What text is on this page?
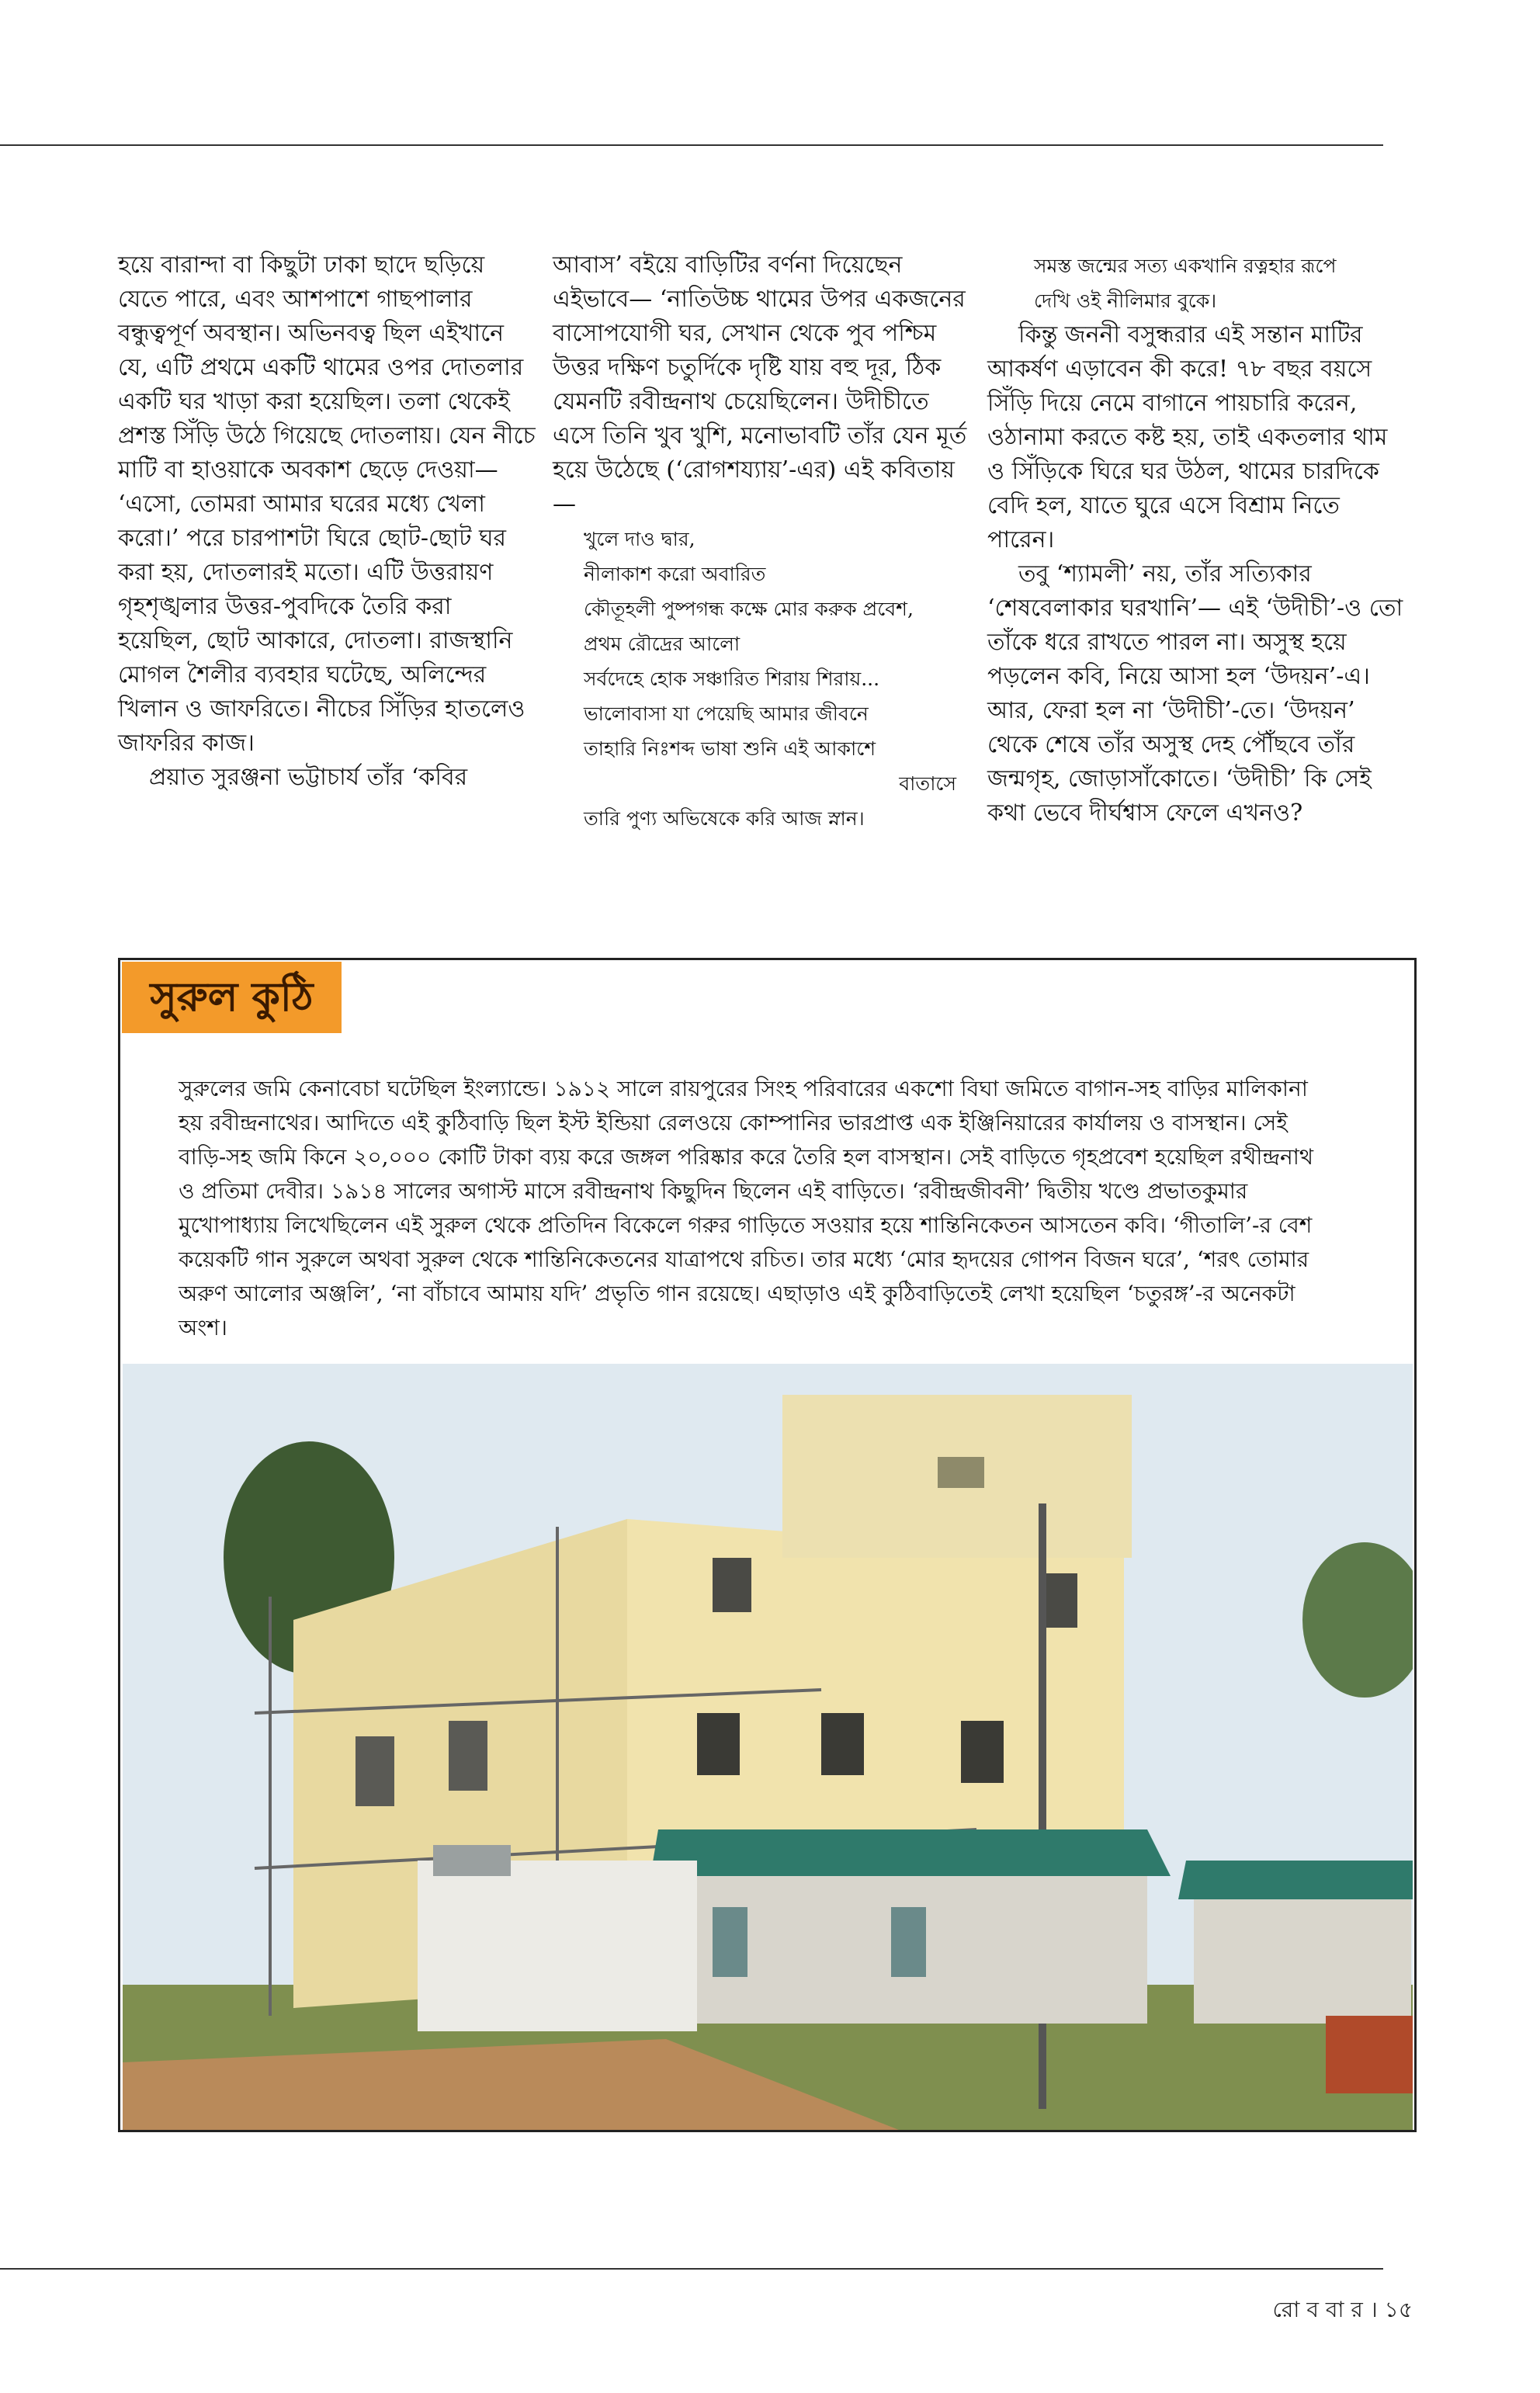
হয়ে বারান্দা বা কিছুটা ঢাকা ছাদে ছড়িয়ে যেতে পারে, এবং আশপাশে গাছপালার বন্ধুত্বপূর্ণ অবস্থান। অভিনবত্ব ছিল এইখানে যে, এটি প্রথমে একটি থামের ওপর দোতলার একটি ঘর খাড়া করা হয়েছিল। তলা থেকেই প্রশস্ত সিঁড়ি উঠে গিয়েছে দোতলায়। যেন নীচে মাটি বা হাওয়াকে অবকাশ ছেড়ে দেওয়া— ‘এসো, তোমরা আমার ঘরের মধ্যে খেলা করো।’ পরে চারপাশটা ঘিরে ছোট-ছোট ঘর করা হয়, দোতলারই মতো। এটি উত্তরায়ণ গৃহশৃঙ্খলার উত্তর-পুবদিকে তৈরি করা হয়েছিল, ছোট আকারে, দোতলা। রাজস্থানি মোগল শৈলীর ব্যবহার ঘটেছে, অলিন্দের খিলান ও জাফরিতে। নীচের সিঁড়ির হাতলেও জাফরির কাজ।

প্রয়াত সুরঞ্জনা ভট্টাচার্য তাঁর ‘কবির

আবাস’ বইয়ে বাড়িটির বর্ণনা দিয়েছেন এইভাবে— ‘নাতিউচ্চ থামের উপর একজনের বাসোপযোগী ঘর, সেখান থেকে পুব পশ্চিম উত্তর দক্ষিণ চতুর্দিকে দৃষ্টি যায় বহু দূর, ঠিক যেমনটি রবীন্দ্রনাথ চেয়েছিলেন। উদীচীতে এসে তিনি খুব খুশি, মনোভাবটি তাঁর যেন মূর্ত হয়ে উঠেছে (‘রোগশয্যায়’-এর) এই কবিতায়—

খুলে দাও দ্বার,
নীলাকাশ করো অবারিত
কৌতূহলী পুষ্পগন্ধ কক্ষে মোর করুক প্রবেশ,
প্রথম রৌদ্রের আলো
সর্বদেহে হোক সঞ্চারিত শিরায় শিরায়...
ভালোবাসা যা পেয়েছি আমার জীবনে
তাহারি নিঃশব্দ ভাষা শুনি এই আকাশে
বাতাসে
তারি পুণ্য অভিষেকে করি আজ স্নান।
সমস্ত জন্মের সত্য একখানি রত্নহার রূপে
দেখি ওই নীলিমার বুকে।

কিন্তু জননী বসুন্ধরার এই সন্তান মাটির আকর্ষণ এড়াবেন কী করে! ৭৮ বছর বয়সে সিঁড়ি দিয়ে নেমে বাগানে পায়চারি করেন, ওঠানামা করতে কষ্ট হয়, তাই একতলার থাম ও সিঁড়িকে ঘিরে ঘর উঠল, থামের চারদিকে বেদি হল, যাতে ঘুরে এসে বিশ্রাম নিতে পারেন।

তবু ‘শ্যামলী’ নয়, তাঁর সত্যিকার ‘শেষবেলাকার ঘরখানি’— এই ‘উদীচী’-ও তো তাঁকে ধরে রাখতে পারল না। অসুস্থ হয়ে পড়লেন কবি, নিয়ে আসা হল ‘উদয়ন’-এ। আর, ফেরা হল না ‘উদীচী’-তে। ‘উদয়ন’ থেকে শেষে তাঁর অসুস্থ দেহ পৌঁছবে তাঁর জন্মগৃহ, জোড়াসাঁকোতে। ‘উদীচী’ কি সেই কথা ভেবে দীর্ঘশ্বাস ফেলে এখনও?

সুরুল কুঠি
সুরুলের জমি কেনাবেচা ঘটেছিল ইংল্যান্ডে। ১৯১২ সালে রায়পুরের সিংহ পরিবারের একশো বিঘা জমিতে বাগান-সহ বাড়ির মালিকানা হয় রবীন্দ্রনাথের। আদিতে এই কুঠিবাড়ি ছিল ইস্ট ইন্ডিয়া রেলওয়ে কোম্পানির ভারপ্রাপ্ত এক ইঞ্জিনিয়ারের কার্যালয় ও বাসস্থান। সেই বাড়ি-সহ জমি কিনে ২০,০০০ কোটি টাকা ব্যয় করে জঙ্গল পরিষ্কার করে তৈরি হল বাসস্থান। সেই বাড়িতে গৃহপ্রবেশ হয়েছিল রথীন্দ্রনাথ ও প্রতিমা দেবীর। ১৯১৪ সালের অগাস্ট মাসে রবীন্দ্রনাথ কিছুদিন ছিলেন এই বাড়িতে। ‘রবীন্দ্রজীবনী’ দ্বিতীয় খণ্ডে প্রভাতকুমার মুখোপাধ্যায় লিখেছিলেন এই সুরুল থেকে প্রতিদিন বিকেলে গরুর গাড়িতে সওয়ার হয়ে শান্তিনিকেতন আসতেন কবি। ‘গীতালি’-র বেশ কয়েকটি গান সুরুলে অথবা সুরুল থেকে শান্তিনিকেতনের যাত্রাপথে রচিত। তার মধ্যে ‘মোর হৃদয়ের গোপন বিজন ঘরে’, ‘শরৎ তোমার অরুণ আলোর অঞ্জলি’, ‘না বাঁচাবে আমায় যদি’ প্রভৃতি গান রয়েছে। এছাড়াও এই কুঠিবাড়িতেই লেখা হয়েছিল ‘চতুরঙ্গ’-র অনেকটা অংশ।
রো ব বা র । ১৫
